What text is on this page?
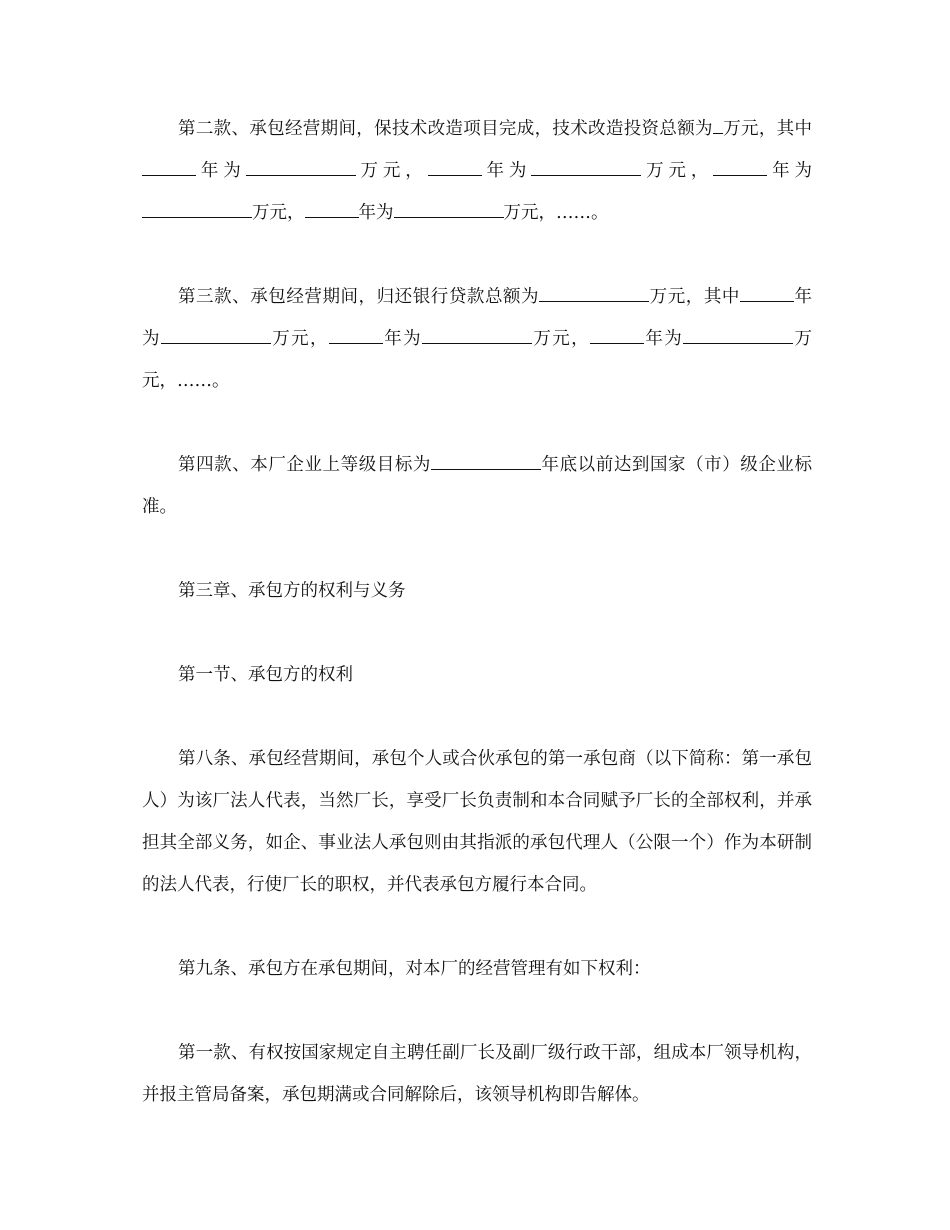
第二款、承包经营期间，保技术改造项目完成，技术改造投资总额为 万元，其中年为	万元，	年为	万元，	年为万元，	年为	万元，……。

第三款、承包经营期间，归还银行贷款总额为	万元，其中	年为	万元，	年为	万元，	年为	万元，……。

第四款、本厂企业上等级目标为	年底以前达到国家（市）级企业标准。

第三章、承包方的权利与义务

第一节、承包方的权利

第八条、承包经营期间，承包个人或合伙承包的第一承包商（以下简称：第一承包人）为该厂法人代表，当然厂长，享受厂长负责制和本合同赋予厂长的全部权利，并承担其全部义务，如企、事业法人承包则由其指派的承包代理人（公限一个）作为本研制的法人代表，行使厂长的职权，并代表承包方履行本合同。

第九条、承包方在承包期间，对本厂的经营管理有如下权利：

第一款、有权按国家规定自主聘任副厂长及副厂级行政干部，组成本厂领导机构，并报主管局备案，承包期满或合同解除后，该领导机构即告解体。
